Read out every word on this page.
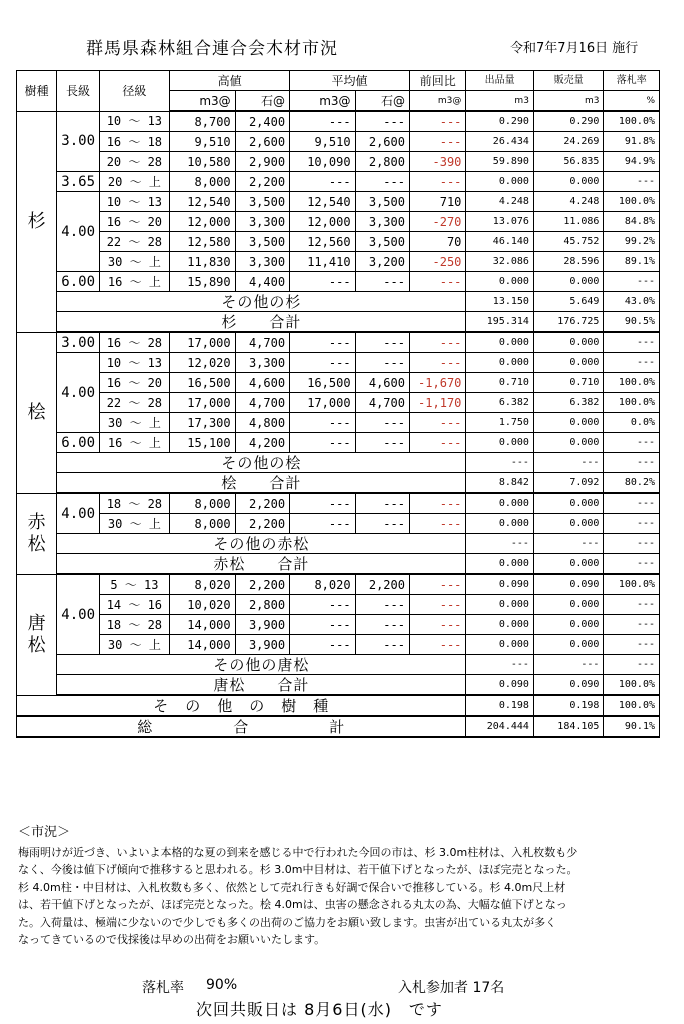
群馬県森林組合連合会木材市況	令和7年7月16日 施行
樹種	長級	径級	高値		平均値		前回比	出品量	販売量	落札率
			m3@	石@	m3@	石@	m3@	m3	m3	%
杉	3.00	10 ～ 13	8,700	2,400	---	---	---	0.290	0.290	100.0%
		16 ～ 18	9,510	2,600	9,510	2,600	---	26.434	24.269	91.8%
		20 ～ 28	10,580	2,900	10,090	2,800	-390	59.890	56.835	94.9%
	3.65	20 ～ 上	8,000	2,200	---	---	---	0.000	0.000	---
	4.00	10 ～ 13	12,540	3,500	12,540	3,500	710	4.248	4.248	100.0%
		16 ～ 20	12,000	3,300	12,000	3,300	-270	13.076	11.086	84.8%
		22 ～ 28	12,580	3,500	12,560	3,500	70	46.140	45.752	99.2%
		30 ～ 上	11,830	3,300	11,410	3,200	-250	32.086	28.596	89.1%
	6.00	16 ～ 上	15,890	4,400	---	---	---	0.000	0.000	---
	その他の杉							13.150	5.649	43.0%
	杉　　合計							195.314	176.725	90.5%
桧	3.00	16 ～ 28	17,000	4,700	---	---	---	0.000	0.000	---
	4.00	10 ～ 13	12,020	3,300	---	---	---	0.000	0.000	---
		16 ～ 20	16,500	4,600	16,500	4,600	-1,670	0.710	0.710	100.0%
		22 ～ 28	17,000	4,700	17,000	4,700	-1,170	6.382	6.382	100.0%
		30 ～ 上	17,300	4,800	---	---	---	1.750	0.000	0.0%
	6.00	16 ～ 上	15,100	4,200	---	---	---	0.000	0.000	---
	その他の桧							---	---	---
	桧　　合計							8.842	7.092	80.2%
赤松	4.00	18 ～ 28	8,000	2,200	---	---	---	0.000	0.000	---
		30 ～ 上	8,000	2,200	---	---	---	0.000	0.000	---
	その他の赤松							---	---	---
	赤松　　合計							0.000	0.000	---
唐松	4.00	5 ～ 13	8,020	2,200	8,020	2,200	---	0.090	0.090	100.0%
		14 ～ 16	10,020	2,800	---	---	---	0.000	0.000	---
		18 ～ 28	14,000	3,900	---	---	---	0.000	0.000	---
		30 ～ 上	14,000	3,900	---	---	---	0.000	0.000	---
	その他の唐松							---	---	---
	唐松　　合計							0.090	0.090	100.0%
そ　の　他　の　樹　種								0.198	0.198	100.0%
総　　　　　合　　　　　計								204.444	184.105	90.1%
＜市況＞
梅雨明けが近づき、いよいよ本格的な夏の到来を感じる中で行われた今回の市は、杉 3.0m柱材は、入札枚数も少
なく、今後は値下げ傾向で推移すると思われる。杉 3.0m中目材は、若干値下げとなったが、ほぼ完売となった。
杉 4.0m柱・中目材は、入札枚数も多く、依然として売れ行きも好調で保合いで推移している。杉 4.0m尺上材
は、若干値下げとなったが、ほぼ完売となった。桧 4.0mは、虫害の懸念される丸太の為、大幅な値下げとなっ
た。入荷量は、極端に少ないので少しでも多くの出荷のご協力をお願い致します。虫害が出ている丸太が多く
なってきているので伐採後は早めの出荷をお願いいたします。
落札率 90%	入札参加者 17名
次回共販日は 8月6日(水)　です
